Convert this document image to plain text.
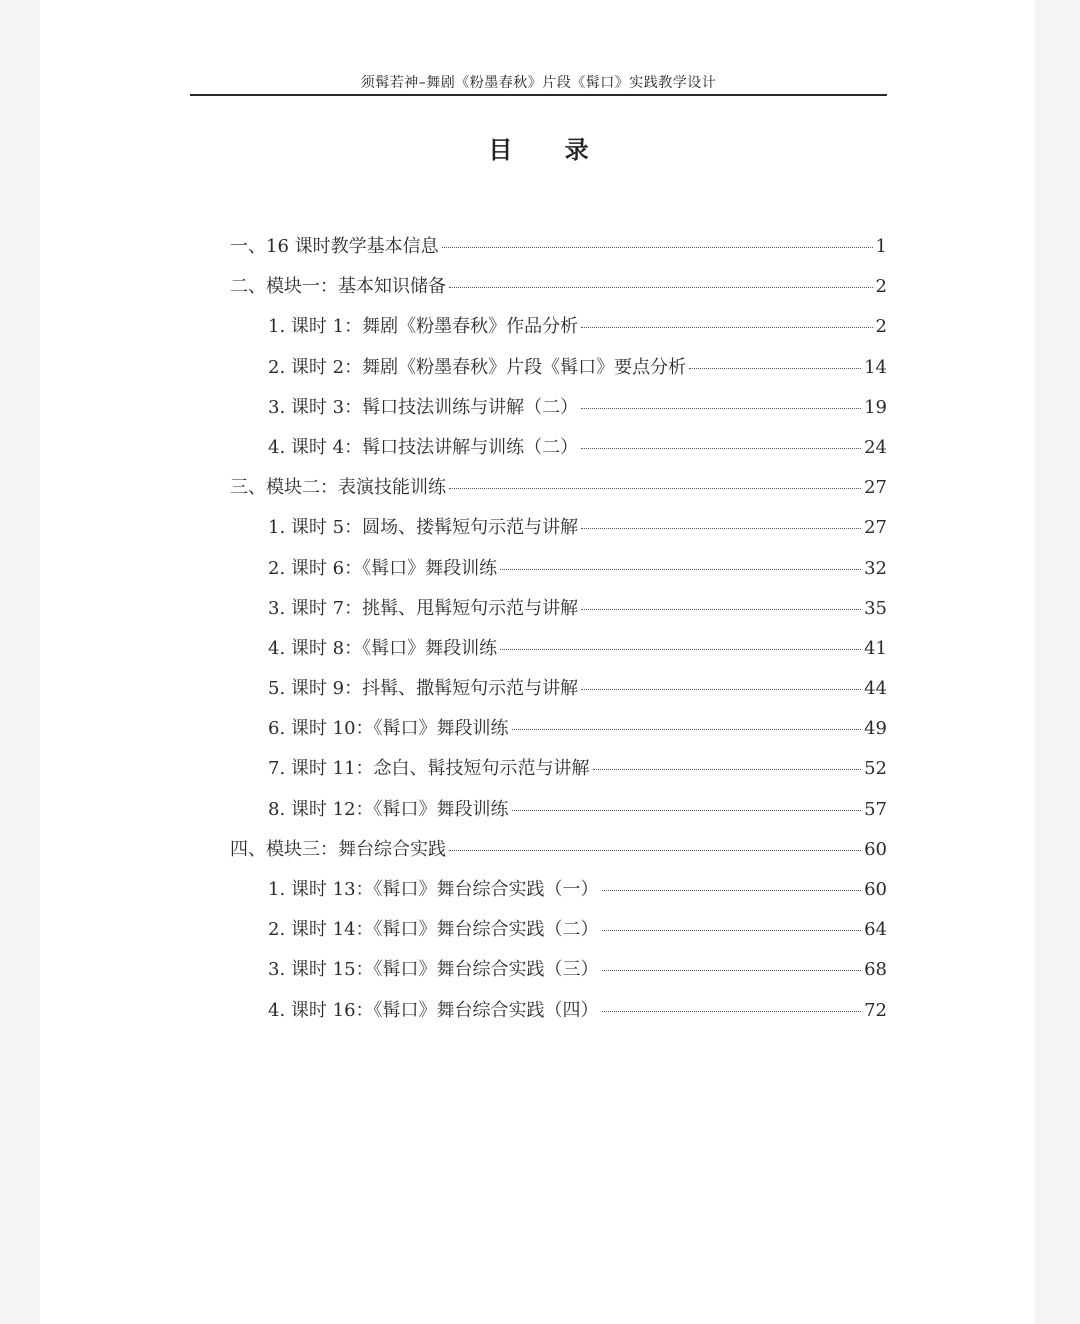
须髯若神–舞剧《粉墨春秋》片段《髯口》实践教学设计
目 录
一、16 课时教学基本信息	1
二、模块一：基本知识储备	2
1. 课时 1：舞剧《粉墨春秋》作品分析	2
2. 课时 2：舞剧《粉墨春秋》片段《髯口》要点分析	14
3. 课时 3：髯口技法训练与讲解（二）	19
4. 课时 4：髯口技法讲解与训练（二）	24
三、模块二：表演技能训练	27
1. 课时 5：圆场、搂髯短句示范与讲解	27
2. 课时 6：《髯口》舞段训练	32
3. 课时 7：挑髯、甩髯短句示范与讲解	35
4. 课时 8：《髯口》舞段训练	41
5. 课时 9：抖髯、撒髯短句示范与讲解	44
6. 课时 10：《髯口》舞段训练	49
7. 课时 11：念白、髯技短句示范与讲解	52
8. 课时 12：《髯口》舞段训练	57
四、模块三：舞台综合实践	60
1. 课时 13：《髯口》舞台综合实践（一）	60
2. 课时 14：《髯口》舞台综合实践（二）	64
3. 课时 15：《髯口》舞台综合实践（三）	68
4. 课时 16：《髯口》舞台综合实践（四）	72
